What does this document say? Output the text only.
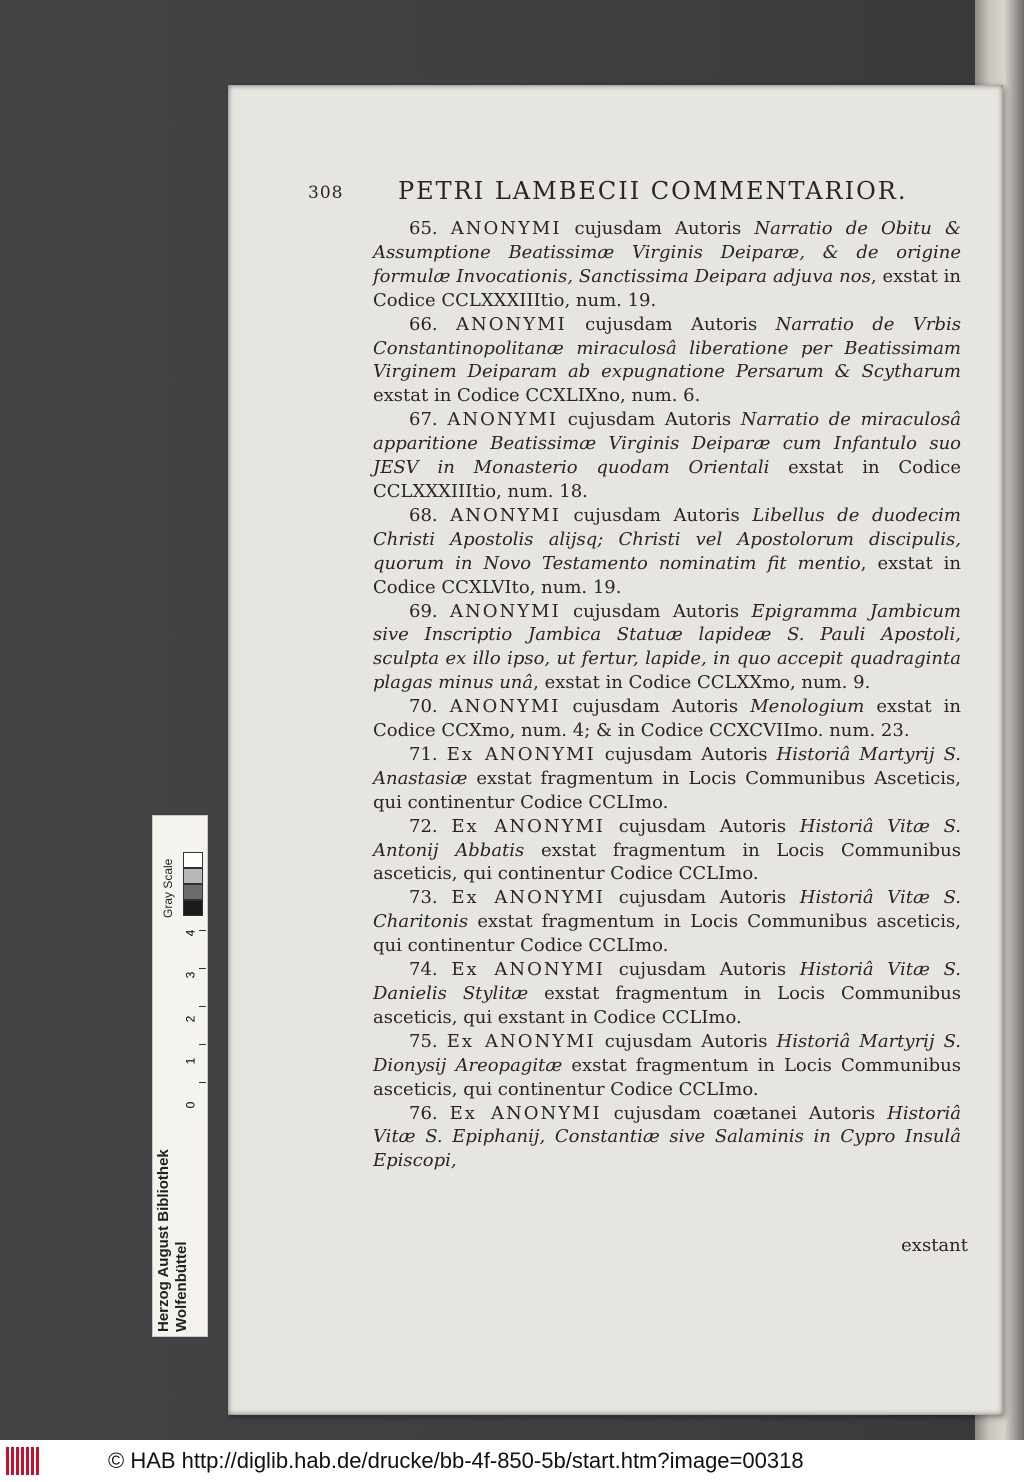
308 PETRI LAMBECII COMMENTARIOR.

65. ANONYMI cujusdam Autoris Narratio de Obitu & Assumptione Beatissimæ Virginis Deiparæ, & de origine formulæ Invocationis, Sanctissima Deipara adjuva nos, exstat in Codice CCLXXXIIItio, num. 19.

66. ANONYMI cujusdam Autoris Narratio de Vrbis Constantinopolitanæ miraculosâ liberatione per Beatissimam Virginem Deiparam ab expugnatione Persarum & Scytharum exstat in Codice CCXLIXno, num. 6.

67. ANONYMI cujusdam Autoris Narratio de miraculosâ apparitione Beatissimæ Virginis Deiparæ cum Infantulo suo JESV in Monasterio quodam Orientali exstat in Codice CCLXXXIIItio, num. 18.

68. ANONYMI cujusdam Autoris Libellus de duodecim Christi Apostolis alijsq; Christi vel Apostolorum discipulis, quorum in Novo Testamento nominatim fit mentio, exstat in Codice CCXLVIto, num. 19.

69. ANONYMI cujusdam Autoris Epigramma Jambicum sive Inscriptio Jambica Statuæ lapideæ S. Pauli Apostoli, sculpta ex illo ipso, ut fertur, lapide, in quo accepit quadraginta plagas minus unâ, exstat in Codice CCLXXmo, num. 9.

70. ANONYMI cujusdam Autoris Menologium exstat in Codice CCXmo, num. 4; & in Codice CCXCVIImo. num. 23.

71. Ex ANONYMI cujusdam Autoris Historiâ Martyrij S. Anastasiæ exstat fragmentum in Locis Communibus Asceticis, qui continentur Codice CCLImo.

72. Ex ANONYMI cujusdam Autoris Historiâ Vitæ S. Antonij Abbatis exstat fragmentum in Locis Communibus asceticis, qui continentur Codice CCLImo.

73. Ex ANONYMI cujusdam Autoris Historiâ Vitæ S. Charitonis exstat fragmentum in Locis Communibus asceticis, qui continentur Codice CCLImo.

74. Ex ANONYMI cujusdam Autoris Historiâ Vitæ S. Danielis Stylitæ exstat fragmentum in Locis Communibus asceticis, qui exstant in Codice CCLImo.

75. Ex ANONYMI cujusdam Autoris Historiâ Martyrij S. Dionysij Areopagitæ exstat fragmentum in Locis Communibus asceticis, qui continentur Codice CCLImo.

76. Ex ANONYMI cujusdam coætanei Autoris Historiâ Vitæ S. Epiphanij, Constantiæ sive Salaminis in Cypro Insulâ Episcopi,

exstant
Gray Scale
0
1
2
3
4
Herzog August Bibliothek Wolfenbüttel
© HAB http://diglib.hab.de/drucke/bb-4f-850-5b/start.htm?image=00318
